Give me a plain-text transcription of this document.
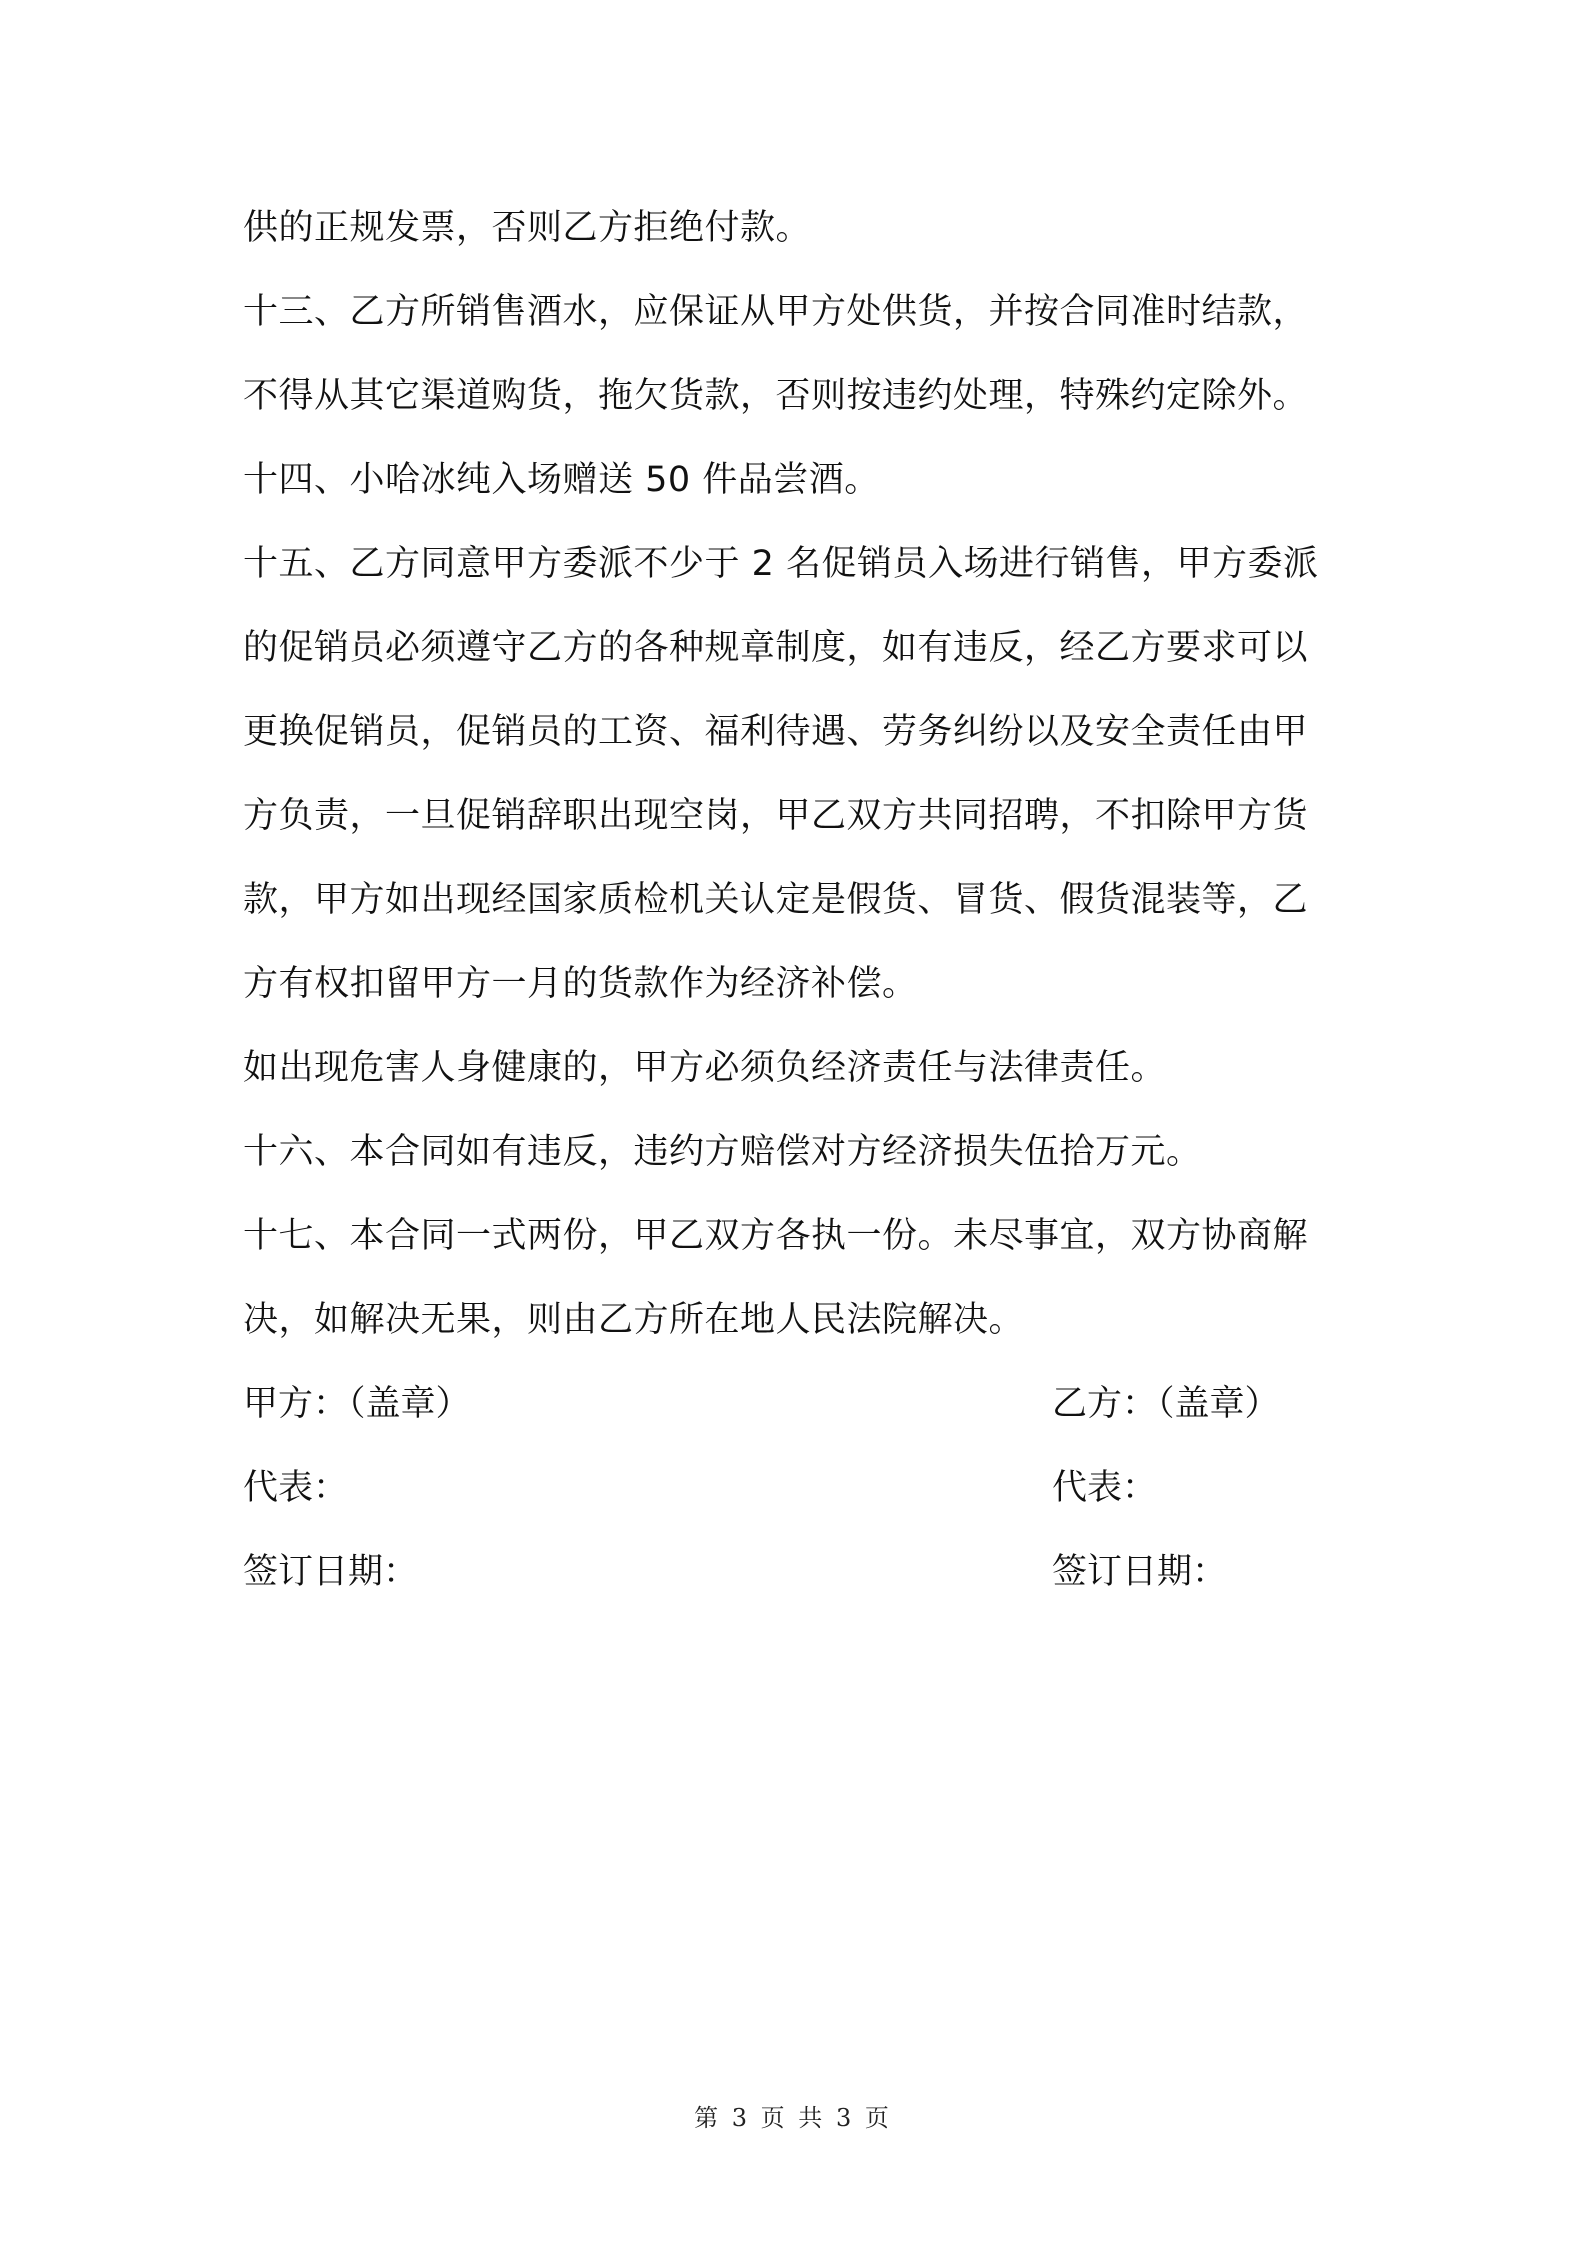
供的正规发票，否则乙方拒绝付款。
十三、乙方所销售酒水，应保证从甲方处供货，并按合同准时结款，
不得从其它渠道购货，拖欠货款，否则按违约处理，特殊约定除外。
十四、小哈冰纯入场赠送 50 件品尝酒。
十五、乙方同意甲方委派不少于 2 名促销员入场进行销售，甲方委派
的促销员必须遵守乙方的各种规章制度，如有违反，经乙方要求可以
更换促销员，促销员的工资、福利待遇、劳务纠纷以及安全责任由甲
方负责，一旦促销辞职出现空岗，甲乙双方共同招聘，不扣除甲方货
款，甲方如出现经国家质检机关认定是假货、冒货、假货混装等，乙
方有权扣留甲方一月的货款作为经济补偿。
如出现危害人身健康的，甲方必须负经济责任与法律责任。
十六、本合同如有违反，违约方赔偿对方经济损失伍拾万元。
十七、本合同一式两份，甲乙双方各执一份。未尽事宜，双方协商解
决，如解决无果，则由乙方所在地人民法院解决。
甲方：（盖章）	乙方：（盖章）
代表：	代表：
签订日期：	签订日期：
第 3 页 共 3 页
